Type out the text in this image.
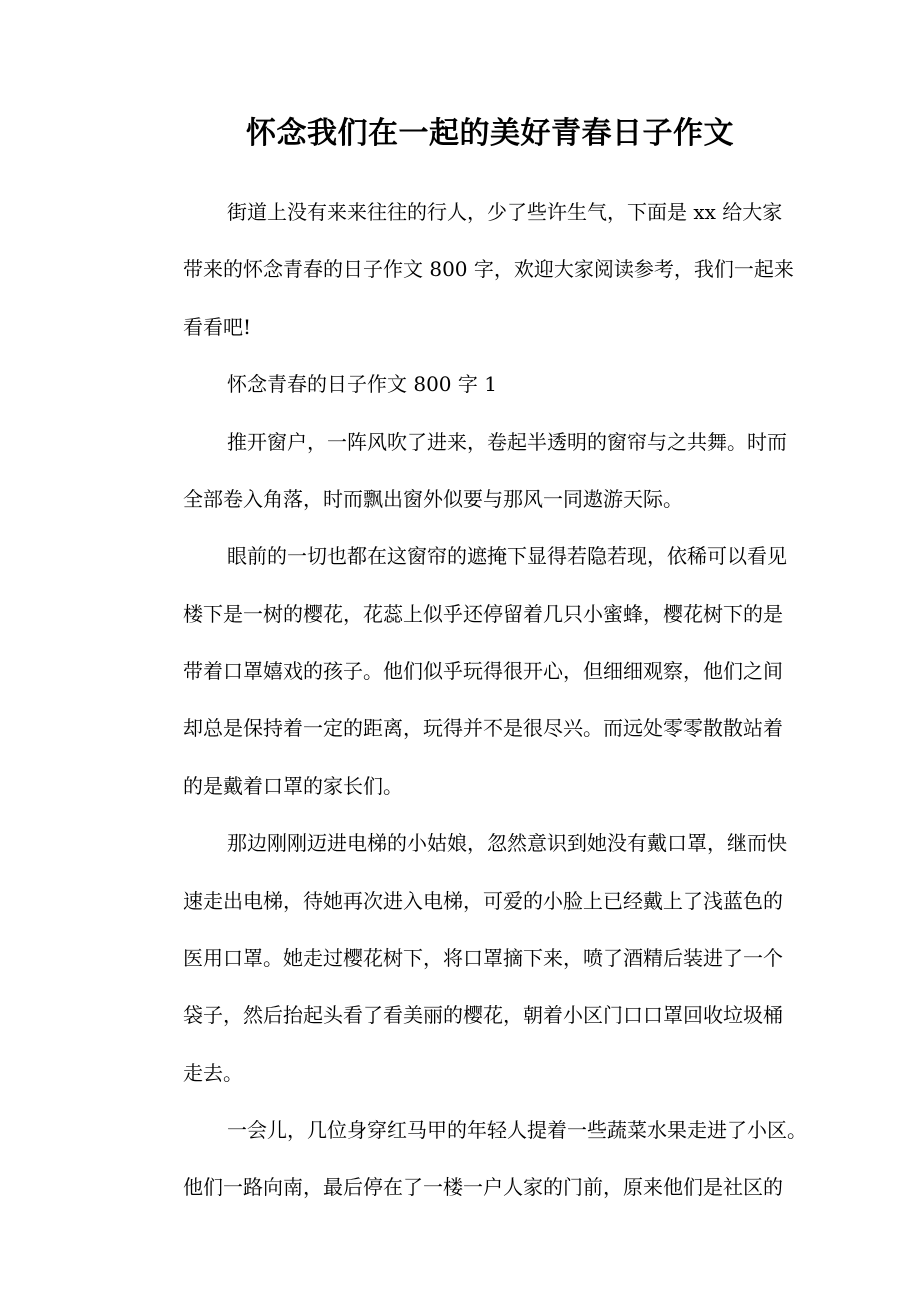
怀念我们在一起的美好青春日子作文
街道上没有来来往往的行人，少了些许生气，下面是 xx 给大家
带来的怀念青春的日子作文 800 字，欢迎大家阅读参考，我们一起来
看看吧!
怀念青春的日子作文 800 字 1
推开窗户，一阵风吹了进来，卷起半透明的窗帘与之共舞。时而
全部卷入角落，时而飘出窗外似要与那风一同遨游天际。
眼前的一切也都在这窗帘的遮掩下显得若隐若现，依稀可以看见
楼下是一树的樱花，花蕊上似乎还停留着几只小蜜蜂，樱花树下的是
带着口罩嬉戏的孩子。他们似乎玩得很开心，但细细观察，他们之间
却总是保持着一定的距离，玩得并不是很尽兴。而远处零零散散站着
的是戴着口罩的家长们。
那边刚刚迈进电梯的小姑娘，忽然意识到她没有戴口罩，继而快
速走出电梯，待她再次进入电梯，可爱的小脸上已经戴上了浅蓝色的
医用口罩。她走过樱花树下，将口罩摘下来，喷了酒精后装进了一个
袋子，然后抬起头看了看美丽的樱花，朝着小区门口口罩回收垃圾桶
走去。
一会儿，几位身穿红马甲的年轻人提着一些蔬菜水果走进了小区。
他们一路向南，最后停在了一楼一户人家的门前，原来他们是社区的
